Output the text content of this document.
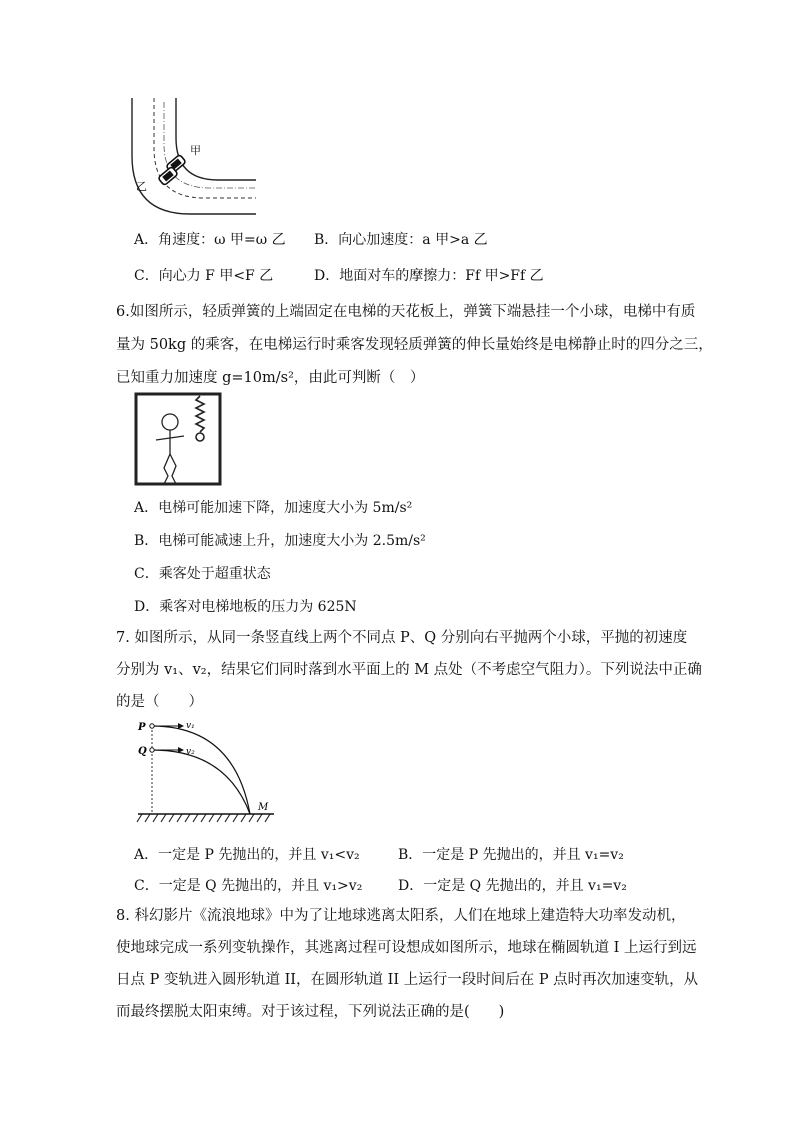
甲
乙
A．角速度：ω 甲=ω 乙 B．向心加速度：a 甲>a 乙
C．向心力 F 甲<F 乙	D．地面对车的摩擦力：Ff 甲>Ff 乙
6.如图所示，轻质弹簧的上端固定在电梯的天花板上，弹簧下端悬挂一个小球，电梯中有质
量为 50kg 的乘客，在电梯运行时乘客发现轻质弹簧的伸长量始终是电梯静止时的四分之三，
已知重力加速度 g=10m/s²，由此可判断（　）
A．电梯可能加速下降，加速度大小为 5m/s²
B．电梯可能减速上升，加速度大小为 2.5m/s²
C．乘客处于超重状态
D．乘客对电梯地板的压力为 625N
7. 如图所示，从同一条竖直线上两个不同点 P、Q 分别向右平抛两个小球，平抛的初速度
分别为 v₁、v₂，结果它们同时落到水平面上的 M 点处（不考虑空气阻力）。下列说法中正确
的是（　　）
P
Q
v₁
v₂
M
A．一定是 P 先抛出的，并且 v₁<v₂	B．一定是 P 先抛出的，并且 v₁=v₂
C．一定是 Q 先抛出的，并且 v₁>v₂	D．一定是 Q 先抛出的，并且 v₁=v₂
8. 科幻影片《流浪地球》中为了让地球逃离太阳系，人们在地球上建造特大功率发动机，
使地球完成一系列变轨操作，其逃离过程可设想成如图所示，地球在椭圆轨道 I 上运行到远
日点 P 变轨进入圆形轨道 II，在圆形轨道 II 上运行一段时间后在 P 点时再次加速变轨，从
而最终摆脱太阳束缚。对于该过程，下列说法正确的是(　　)
